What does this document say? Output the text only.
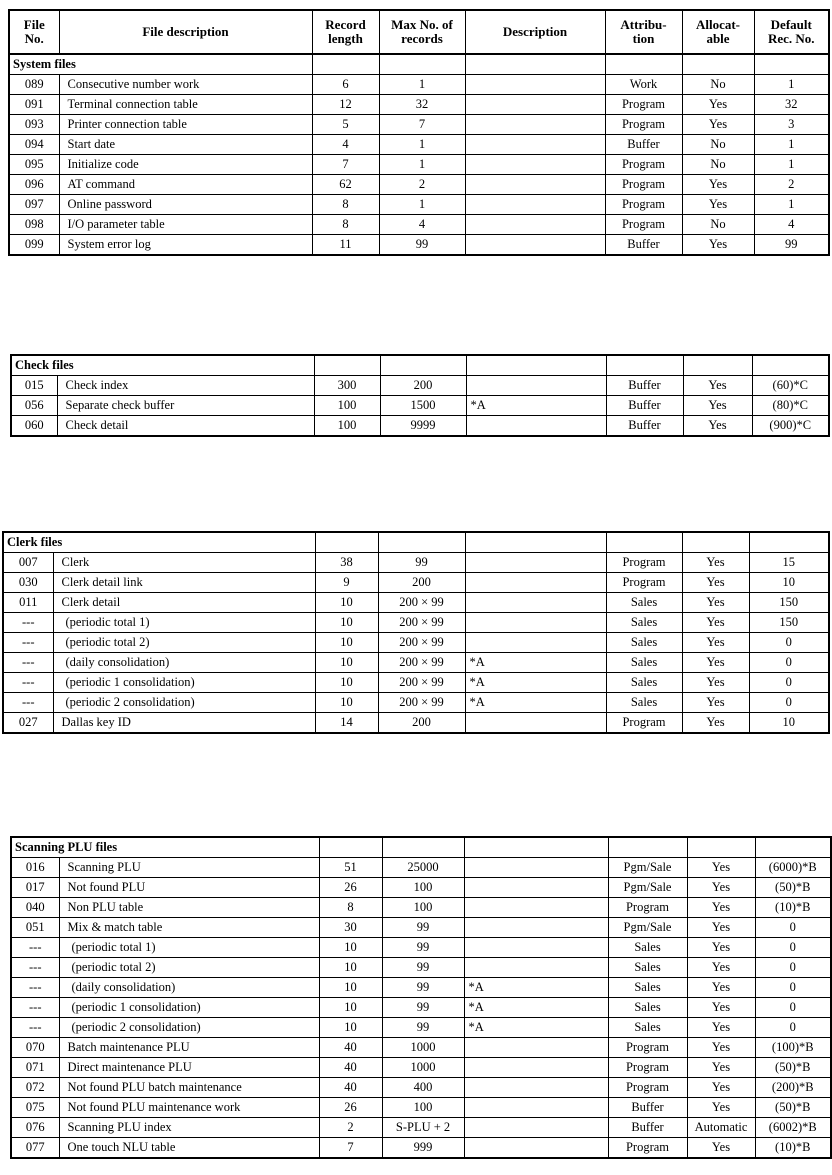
File No.	File description	Record length	Max No. of records	Description	Attribu- tion	Allocat- able	Default Rec. No.
System files							
089	Consecutive number work	6	1		Work	No	1
091	Terminal connection table	12	32		Program	Yes	32
093	Printer connection table	5	7		Program	Yes	3
094	Start date	4	1		Buffer	No	1
095	Initialize code	7	1		Program	No	1
096	AT command	62	2		Program	Yes	2
097	Online password	8	1		Program	Yes	1
098	I/O parameter table	8	4		Program	No	4
099	System error log	11	99		Buffer	Yes	99
Check files							
015	Check index	300	200		Buffer	Yes	(60)*C
056	Separate check buffer	100	1500	*A	Buffer	Yes	(80)*C
060	Check detail	100	9999		Buffer	Yes	(900)*C
Clerk files							
007	Clerk	38	99		Program	Yes	15
030	Clerk detail link	9	200		Program	Yes	10
011	Clerk detail	10	200 × 99		Sales	Yes	150
---	(periodic total 1)	10	200 × 99		Sales	Yes	150
---	(periodic total 2)	10	200 × 99		Sales	Yes	0
---	(daily consolidation)	10	200 × 99	*A	Sales	Yes	0
---	(periodic 1 consolidation)	10	200 × 99	*A	Sales	Yes	0
---	(periodic 2 consolidation)	10	200 × 99	*A	Sales	Yes	0
027	Dallas key ID	14	200		Program	Yes	10
Scanning PLU files							
016	Scanning PLU	51	25000		Pgm/Sale	Yes	(6000)*B
017	Not found PLU	26	100		Pgm/Sale	Yes	(50)*B
040	Non PLU table	8	100		Program	Yes	(10)*B
051	Mix & match table	30	99		Pgm/Sale	Yes	0
---	(periodic total 1)	10	99		Sales	Yes	0
---	(periodic total 2)	10	99		Sales	Yes	0
---	(daily consolidation)	10	99	*A	Sales	Yes	0
---	(periodic 1 consolidation)	10	99	*A	Sales	Yes	0
---	(periodic 2 consolidation)	10	99	*A	Sales	Yes	0
070	Batch maintenance PLU	40	1000		Program	Yes	(100)*B
071	Direct maintenance PLU	40	1000		Program	Yes	(50)*B
072	Not found PLU batch maintenance	40	400		Program	Yes	(200)*B
075	Not found PLU maintenance work	26	100		Buffer	Yes	(50)*B
076	Scanning PLU index	2	S-PLU + 2		Buffer	Automatic	(6002)*B
077	One touch NLU table	7	999		Program	Yes	(10)*B
